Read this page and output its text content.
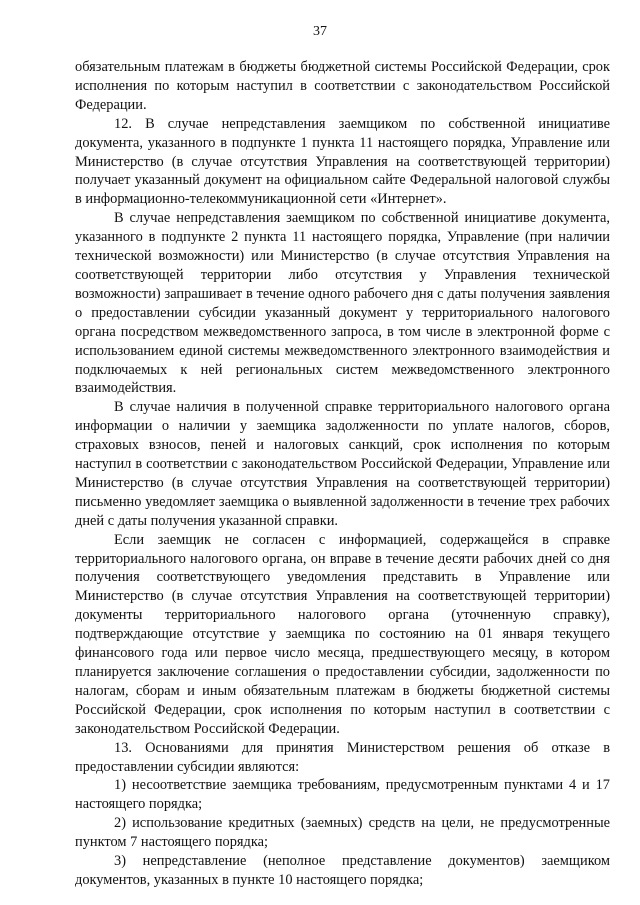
37

обязательным платежам в бюджеты бюджетной системы Российской Федерации, срок исполнения по которым наступил в соответствии с законодательством Российской Федерации.

12. В случае непредставления заемщиком по собственной инициативе документа, указанного в подпункте 1 пункта 11 настоящего порядка, Управление или Министерство (в случае отсутствия Управления на соответствующей территории) получает указанный документ на официальном сайте Федеральной налоговой службы в информационно-телекоммуникационной сети «Интернет».

В случае непредставления заемщиком по собственной инициативе документа, указанного в подпункте 2 пункта 11 настоящего порядка, Управление (при наличии технической возможности) или Министерство (в случае отсутствия Управления на соответствующей территории либо отсутствия у Управления технической возможности) запрашивает в течение одного рабочего дня с даты получения заявления о предоставлении субсидии указанный документ у территориального налогового органа посредством межведомственного запроса, в том числе в электронной форме с использованием единой системы межведомственного электронного взаимодействия и подключаемых к ней региональных систем межведомственного электронного взаимодействия.

В случае наличия в полученной справке территориального налогового органа информации о наличии у заемщика задолженности по уплате налогов, сборов, страховых взносов, пеней и налоговых санкций, срок исполнения по которым наступил в соответствии с законодательством Российской Федерации, Управление или Министерство (в случае отсутствия Управления на соответствующей территории) письменно уведомляет заемщика о выявленной задолженности в течение трех рабочих дней с даты получения указанной справки.

Если заемщик не согласен с информацией, содержащейся в справке территориального налогового органа, он вправе в течение десяти рабочих дней со дня получения соответствующего уведомления представить в Управление или Министерство (в случае отсутствия Управления на соответствующей территории) документы территориального налогового органа (уточненную справку), подтверждающие отсутствие у заемщика по состоянию на 01 января текущего финансового года или первое число месяца, предшествующего месяцу, в котором планируется заключение соглашения о предоставлении субсидии, задолженности по налогам, сборам и иным обязательным платежам в бюджеты бюджетной системы Российской Федерации, срок исполнения по которым наступил в соответствии с законодательством Российской Федерации.

13. Основаниями для принятия Министерством решения об отказе в предоставлении субсидии являются:

1) несоответствие заемщика требованиям, предусмотренным пунктами 4 и 17 настоящего порядка;

2) использование кредитных (заемных) средств на цели, не предусмотренные пунктом 7 настоящего порядка;

3) непредставление (неполное представление документов) заемщиком документов, указанных в пункте 10 настоящего порядка;
